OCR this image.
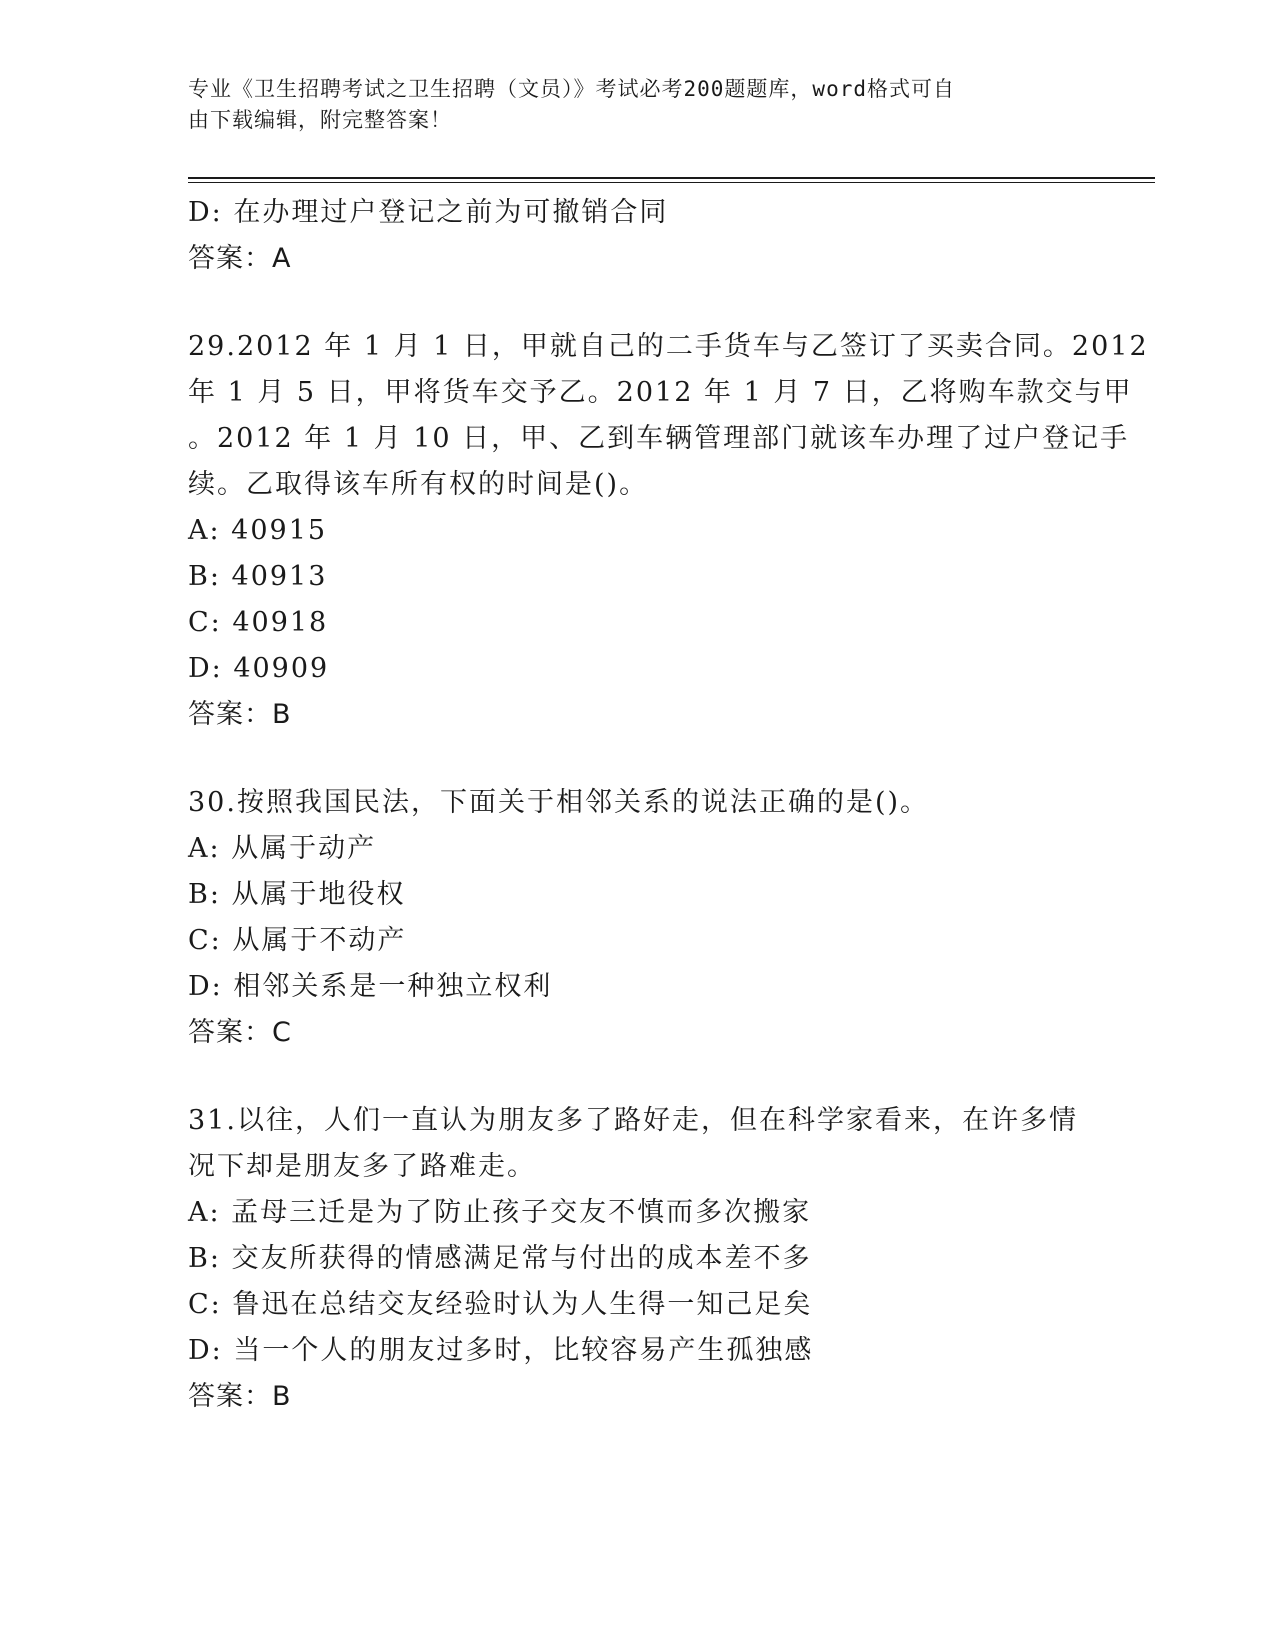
专业《卫生招聘考试之卫生招聘（文员）》考试必考200题题库，word格式可自
由下载编辑，附完整答案！
D: 在办理过户登记之前为可撤销合同
答案：A
29.2012 年 1 月 1 日，甲就自己的二手货车与乙签订了买卖合同。2012
年 1 月 5 日，甲将货车交予乙。2012 年 1 月 7 日，乙将购车款交与甲
。2012 年 1 月 10 日，甲、乙到车辆管理部门就该车办理了过户登记手
续。乙取得该车所有权的时间是()。
A: 40915
B: 40913
C: 40918
D: 40909
答案：B
30.按照我国民法，下面关于相邻关系的说法正确的是()。
A: 从属于动产
B: 从属于地役权
C: 从属于不动产
D: 相邻关系是一种独立权利
答案：C
31.以往，人们一直认为朋友多了路好走，但在科学家看来，在许多情
况下却是朋友多了路难走。
A: 孟母三迁是为了防止孩子交友不慎而多次搬家
B: 交友所获得的情感满足常与付出的成本差不多
C: 鲁迅在总结交友经验时认为人生得一知己足矣
D: 当一个人的朋友过多时，比较容易产生孤独感
答案：B
